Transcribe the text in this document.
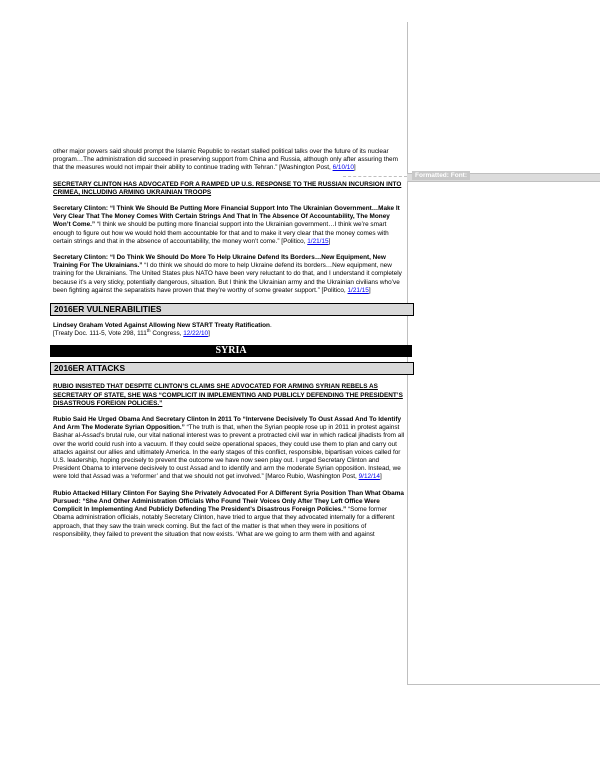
Formatted: Font:

other major powers said should prompt the Islamic Republic to restart stalled political talks over the future of its nuclear program…The administration did succeed in preserving support from China and Russia, although only after assuring them that the measures would not impair their ability to continue trading with Tehran.” [Washington Post, 6/10/10]

SECRETARY CLINTON HAS ADVOCATED FOR A RAMPED UP U.S. RESPONSE TO THE RUSSIAN INCURSION INTO CRIMEA, INCLUDING ARMING UKRAINIAN TROOPS

Secretary Clinton: “I Think We Should Be Putting More Financial Support Into The Ukrainian Government…Make It Very Clear That The Money Comes With Certain Strings And That In The Absence Of Accountability, The Money Won’t Come.” “I think we should be putting more financial support into the Ukrainian government…I think we’re smart enough to figure out how we would hold them accountable for that and to make it very clear that the money comes with certain strings and that in the absence of accountability, the money won’t come.” [Politico, 1/21/15]

Secretary Clinton: “I Do Think We Should Do More To Help Ukraine Defend Its Borders…New Equipment, New Training For The Ukrainians.” “I do think we should do more to help Ukraine defend its borders…New equipment, new training for the Ukrainians. The United States plus NATO have been very reluctant to do that, and I understand it completely because it’s a very sticky, potentially dangerous, situation. But I think the Ukrainian army and the Ukrainian civilians who’ve been fighting against the separatists have proven that they’re worthy of some greater support.” [Politico, 1/21/15]

2016ER VULNERABILITIES

Lindsey Graham Voted Against Allowing New START Treaty Ratification.

[Treaty Doc. 111-5, Vote 298, 111th Congress, 12/22/10]

SYRIA
2016ER ATTACKS

RUBIO INSISTED THAT DESPITE CLINTON’S CLAIMS SHE ADVOCATED FOR ARMING SYRIAN REBELS AS SECRETARY OF STATE, SHE WAS “COMPLICIT IN IMPLEMENTING AND PUBLICLY DEFENDING THE PRESIDENT’S DISASTROUS FOREIGN POLICIES.”

Rubio Said He Urged Obama And Secretary Clinton In 2011 To “Intervene Decisively To Oust Assad And To Identify And Arm The Moderate Syrian Opposition.” “The truth is that, when the Syrian people rose up in 2011 in protest against Bashar al-Assad’s brutal rule, our vital national interest was to prevent a protracted civil war in which radical jihadists from all over the world could rush into a vacuum. If they could seize operational spaces, they could use them to plan and carry out attacks against our allies and ultimately America. In the early stages of this conflict, responsible, bipartisan voices called for U.S. leadership, hoping precisely to prevent the outcome we have now seen play out. I urged Secretary Clinton and President Obama to intervene decisively to oust Assad and to identify and arm the moderate Syrian opposition. Instead, we were told that Assad was a ‘reformer’ and that we should not get involved.” [Marco Rubio, Washington Post, 9/12/14]

Rubio Attacked Hillary Clinton For Saying She Privately Advocated For A Different Syria Position Than What Obama Pursued: “She And Other Administration Officials Who Found Their Voices Only After They Left Office Were Complicit In Implementing And Publicly Defending The President’s Disastrous Foreign Policies.” “Some former Obama administration officials, notably Secretary Clinton, have tried to argue that they advocated internally for a different approach, that they saw the train wreck coming. But the fact of the matter is that when they were in positions of responsibility, they failed to prevent the situation that now exists. ‘What are we going to arm them with and against
